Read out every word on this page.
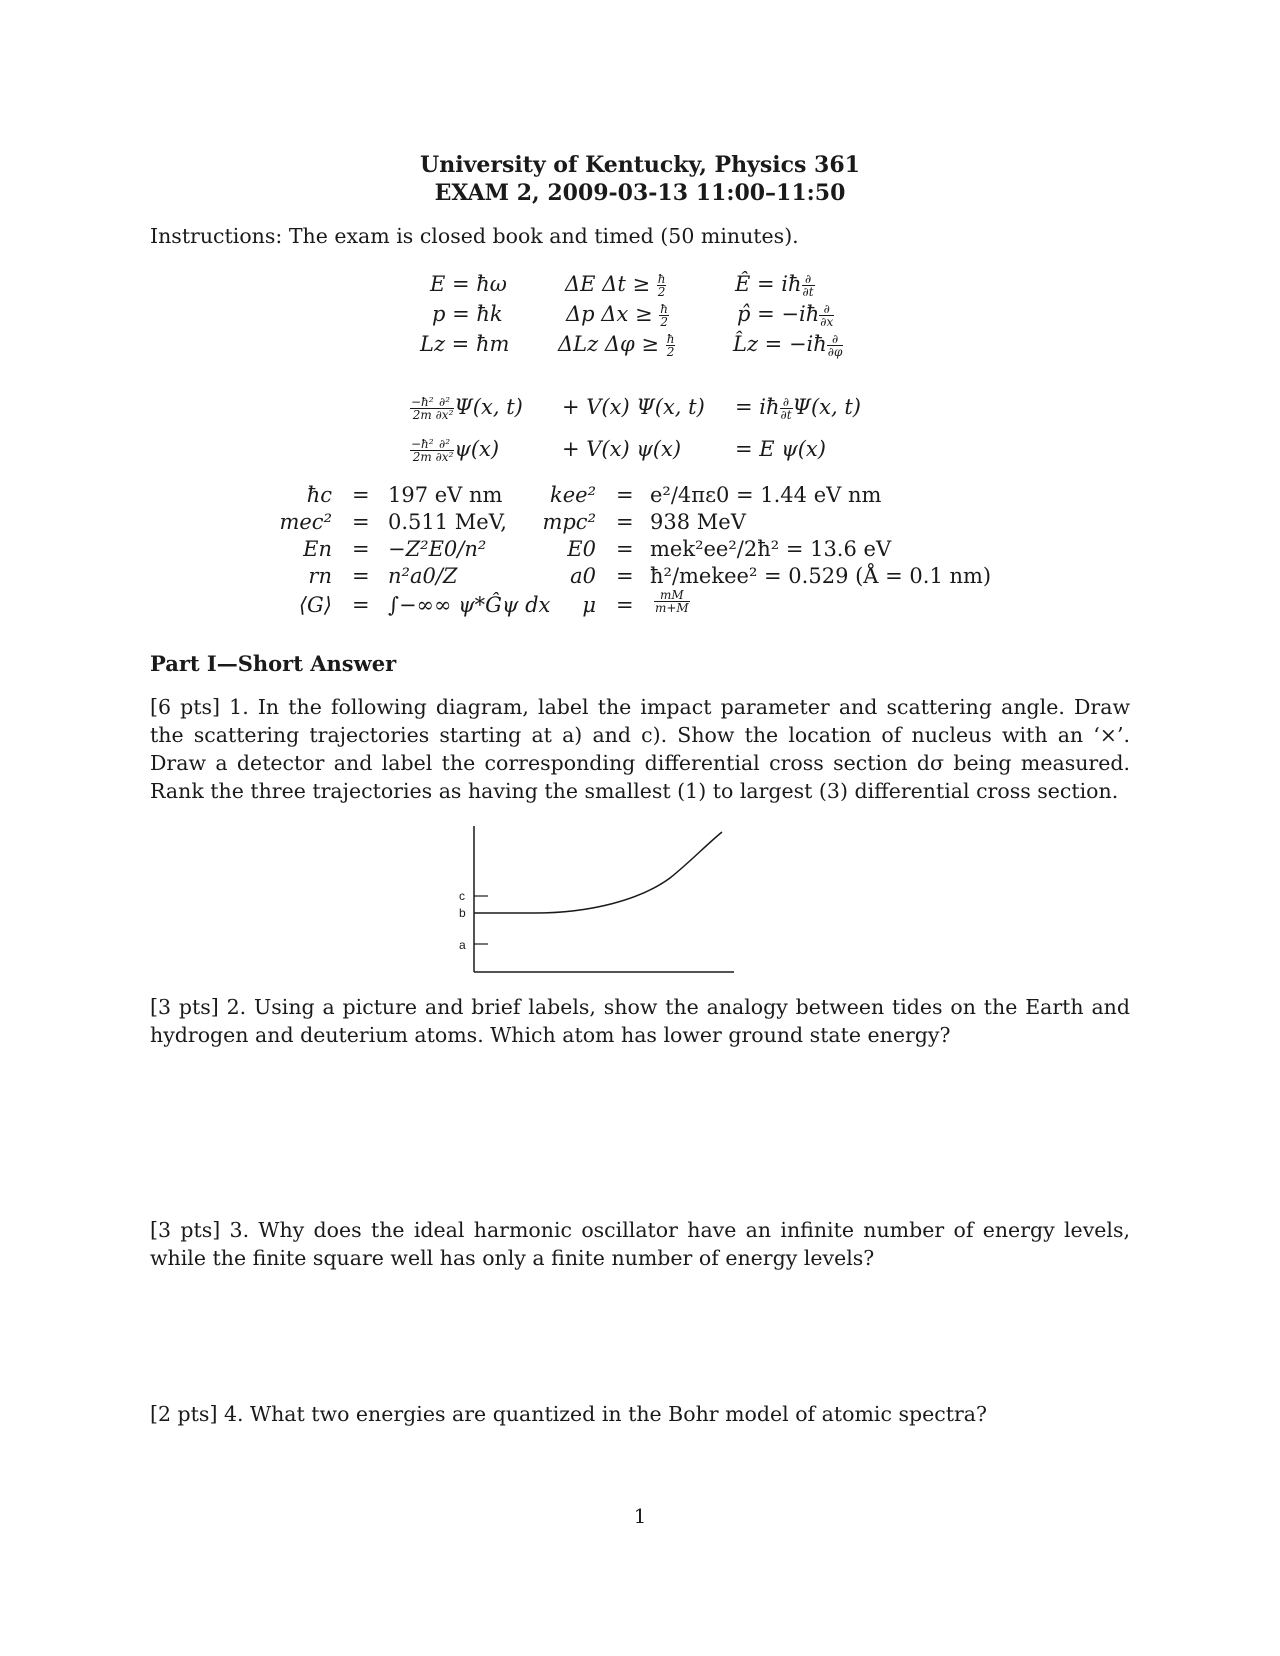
University of Kentucky, Physics 361
EXAM 2, 2009-03-13 11:00–11:50
Instructions: The exam is closed book and timed (50 minutes).
E = ħω
p = ħk
Lz = ħm
ΔE $\Delta t \ge \frac{ħ}{2}$
Δp $\Delta x \ge \frac{ħ}{2}$
ΔLz $\Delta\varphi \ge \frac{ħ}{2}$
Ê = iħ $\frac{\partial}{\partial t}$
p̂ = −iħ $\frac{\partial}{\partial x}$
L̂z = −iħ $\frac{\partial}{\partial\varphi}$
$\frac{\text{−ħ²}}{2m} \frac{\text{∂²}}{\text{∂x²}} \Psi(x$, t) + V(x) Ψ(x, t) = iħ $\frac{\partial}{\partial t} \Psi(x$, t)
$\frac{\text{−ħ²}}{2m} \frac{\text{∂²}}{\text{∂x²}} \psi(x)$	+ V(x) ψ(x)	= E ψ(x)
ħc
mec²
En
rn
⟨G⟩
=
=
=
=
=
197 eV nm
0.511 MeV,
−Z²E0/n²
n²a0/Z
∫−∞∞ ψ*Ĝψ dx
kee²
mpc²
E0
a0
μ
=
=
=
=
=
e²/4πε0 = 1.44 eV nm
938 MeV
mek²ee²/2ħ² = 13.6 eV
ħ²/mekee² = 0.529 (Å = 0.1 nm)
$\frac{mM}{m+M}$
Part I—Short Answer
[6 pts] 1. In the following diagram, label the impact parameter and scattering angle. Draw the scattering trajectories starting at a) and c). Show the location of nucleus with an ‘×’. Draw a detector and label the corresponding differential cross section dσ being measured. Rank the three trajectories as having the smallest (1) to largest (3) differential cross section.
c
b
a
[3 pts] 2. Using a picture and brief labels, show the analogy between tides on the Earth and hydrogen and deuterium atoms. Which atom has lower ground state energy?
[3 pts] 3. Why does the ideal harmonic oscillator have an infinite number of energy levels, while the finite square well has only a finite number of energy levels?
[2 pts] 4. What two energies are quantized in the Bohr model of atomic spectra?
1
